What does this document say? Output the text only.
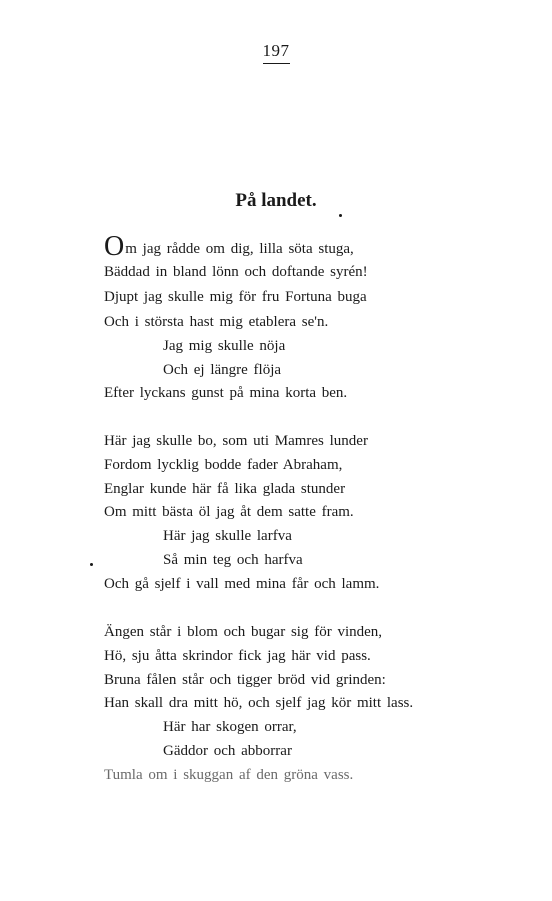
197
På landet.
Om jag rådde om dig, lilla söta stuga,
Bäddad in bland lönn och doftande syrén!
Djupt jag skulle mig för fru Fortuna buga
Och i största hast mig etablera se'n.
Jag mig skulle nöja
Och ej längre flöja
Efter lyckans gunst på mina korta ben.
Här jag skulle bo, som uti Mamres lunder
Fordom lycklig bodde fader Abraham,
Englar kunde här få lika glada stunder
Om mitt bästa öl jag åt dem satte fram.
Här jag skulle larfva
Så min teg och harfva
Och gå sjelf i vall med mina får och lamm.
Ängen står i blom och bugar sig för vinden,
Hö, sju åtta skrindor fick jag här vid pass.
Bruna fålen står och tigger bröd vid grinden:
Han skall dra mitt hö, och sjelf jag kör mitt lass.
Här har skogen orrar,
Gäddor och abborrar
Tumla om i skuggan af den gröna vass.
